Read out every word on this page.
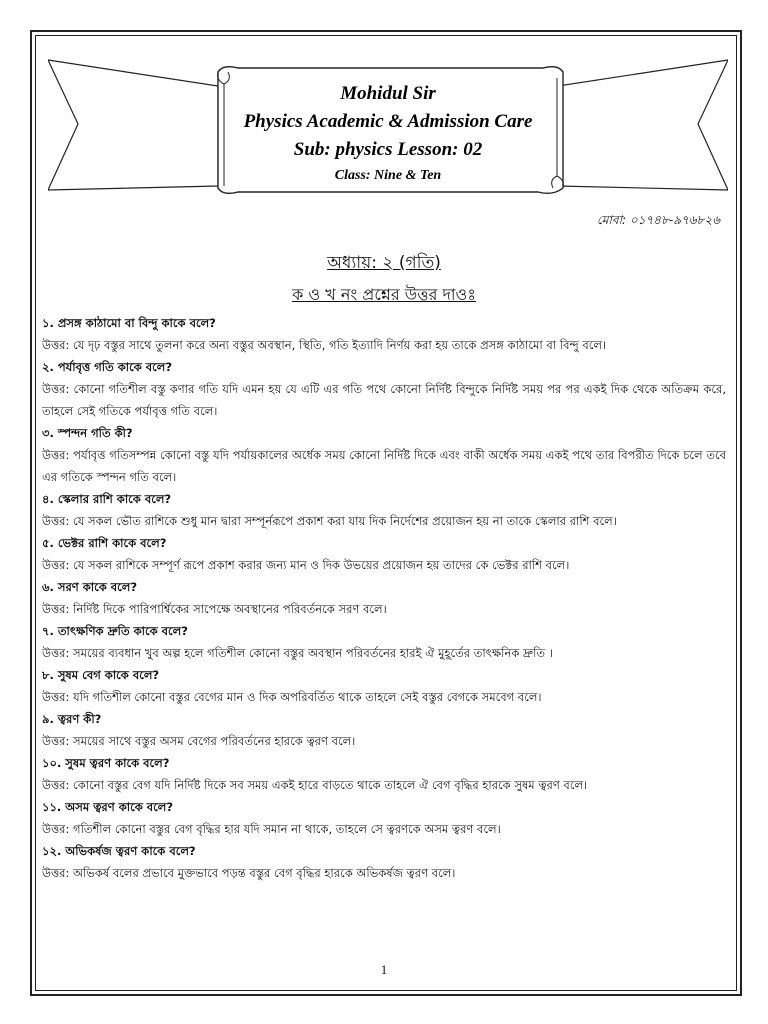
Mohidul Sir
Physics Academic & Admission Care
Sub: physics Lesson: 02
Class: Nine & Ten
মোবা: ০১৭৪৮-৯৭৬৮২৬
অধ্যায়: ২ (গতি)
ক ও খ নং প্রশ্নের উত্তর দাওঃ
১. প্রসঙ্গ কাঠামো বা বিন্দু কাকে বলে?
উত্তর: যে দৃঢ় বস্তুর সাথে তুলনা করে অন্য বস্তুর অবস্থান, স্থিতি, গতি ইত্যাদি নির্ণয় করা হয় তাকে প্রসঙ্গ কাঠামো বা বিন্দু বলে।
২. পর্যাবৃত্ত গতি কাকে বলে?
উত্তর: কোনো গতিশীল বস্তু কণার গতি যদি এমন হয় যে এটি এর গতি পথে কোনো নির্দিষ্ট বিন্দুকে নির্দিষ্ট সময় পর পর একই দিক থেকে অতিক্রম করে, তাহলে সেই গতিকে পর্যাবৃত্ত গতি বলে।
৩. স্পন্দন গতি কী?
উত্তর: পর্যাবৃত্ত গতিসম্পন্ন কোনো বস্তু যদি পর্যায়কালের অর্ধেক সময় কোনো নির্দিষ্ট দিকে এবং বাকী অর্ধেক সময় একই পথে তার বিপরীত দিকে চলে তবে এর গতিকে স্পন্দন গতি বলে।
৪. স্কেলার রাশি কাকে বলে?
উত্তর: যে সকল ভৌত রাশিকে শুধু মান দ্বারা সম্পূর্নরূপে প্রকাশ করা যায় দিক নির্দেশের প্রয়োজন হয় না তাকে স্কেলার রাশি বলে।
৫. ভেক্টর রাশি কাকে বলে?
উত্তর: যে সকল রাশিকে সম্পূর্ণ রূপে প্রকাশ করার জন্য মান ও দিক উভয়ের প্রয়োজন হয় তাদের কে ভেক্টর রাশি বলে।
৬. সরণ কাকে বলে?
উত্তর: নির্দিষ্ট দিকে পারিপার্শ্বিকের সাপেক্ষে অবস্থানের পরিবর্তনকে সরণ বলে।
৭. তাৎক্ষণিক দ্রুতি কাকে বলে?
উত্তর: সময়ের ব্যবধান খুব অল্প হলে গতিশীল কোনো বস্তুর অবস্থান পরিবর্তনের হারই ঐ মুহূর্তের তাৎক্ষনিক দ্রুতি ।
৮. সুষম বেগ কাকে বলে?
উত্তর: যদি গতিশীল কোনো বস্তুর বেগের মান ও দিক অপরিবর্তিত থাকে তাহলে সেই বস্তুর বেগকে সমবেগ বলে।
৯. ত্বরণ কী?
উত্তর: সময়ের সাথে বস্তুর অসম বেগের পরিবর্তনের হারকে ত্বরণ বলে।
১০. সুষম ত্বরণ কাকে বলে?
উত্তর: কোনো বস্তুর বেগ যদি নির্দিষ্ট দিকে সব সময় একই হারে বাড়তে থাকে তাহলে ঐ বেগ বৃদ্ধির হারকে সুষম ত্বরণ বলে।
১১. অসম ত্বরণ কাকে বলে?
উত্তর: গতিশীল কোনো বস্তুর বেগ বৃদ্ধির হার যদি সমান না থাকে, তাহলে সে ত্বরণকে অসম ত্বরণ বলে।
১২. অভিকর্ষজ ত্বরণ কাকে বলে?
উত্তর: অভিকর্ষ বলের প্রভাবে মুক্তভাবে পড়ন্ত বস্তুর বেগ বৃদ্ধির হারকে অভিকর্ষজ ত্বরণ বলে।
1
